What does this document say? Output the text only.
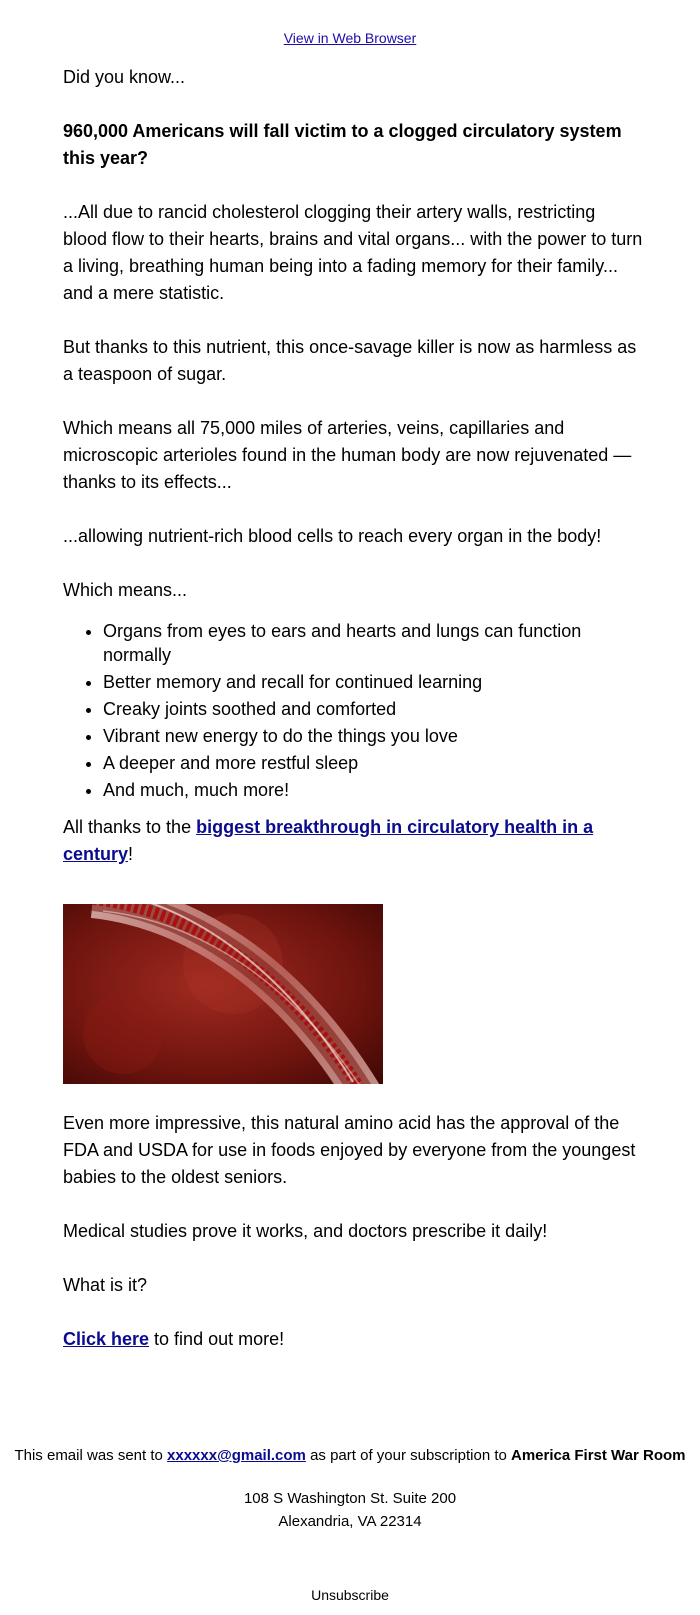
View in Web Browser

Did you know...

960,000 Americans will fall victim to a clogged circulatory system this year?

...All due to rancid cholesterol clogging their artery walls, restricting blood flow to their hearts, brains and vital organs... with the power to turn a living, breathing human being into a fading memory for their family... and a mere statistic.

But thanks to this nutrient, this once-savage killer is now as harmless as a teaspoon of sugar.

Which means all 75,000 miles of arteries, veins, capillaries and microscopic arterioles found in the human body are now rejuvenated — thanks to its effects...

...allowing nutrient-rich blood cells to reach every organ in the body!

Which means...

• Organs from eyes to ears and hearts and lungs can function normally
• Better memory and recall for continued learning
• Creaky joints soothed and comforted
• Vibrant new energy to do the things you love
• A deeper and more restful sleep
• And much, much more!

All thanks to the biggest breakthrough in circulatory health in a century!

Even more impressive, this natural amino acid has the approval of the FDA and USDA for use in foods enjoyed by everyone from the youngest babies to the oldest seniors.

Medical studies prove it works, and doctors prescribe it daily!

What is it?

Click here to find out more!

This email was sent to xxxxxx@gmail.com as part of your subscription to America First War Room
108 S Washington St. Suite 200
Alexandria, VA 22314
Unsubscribe
